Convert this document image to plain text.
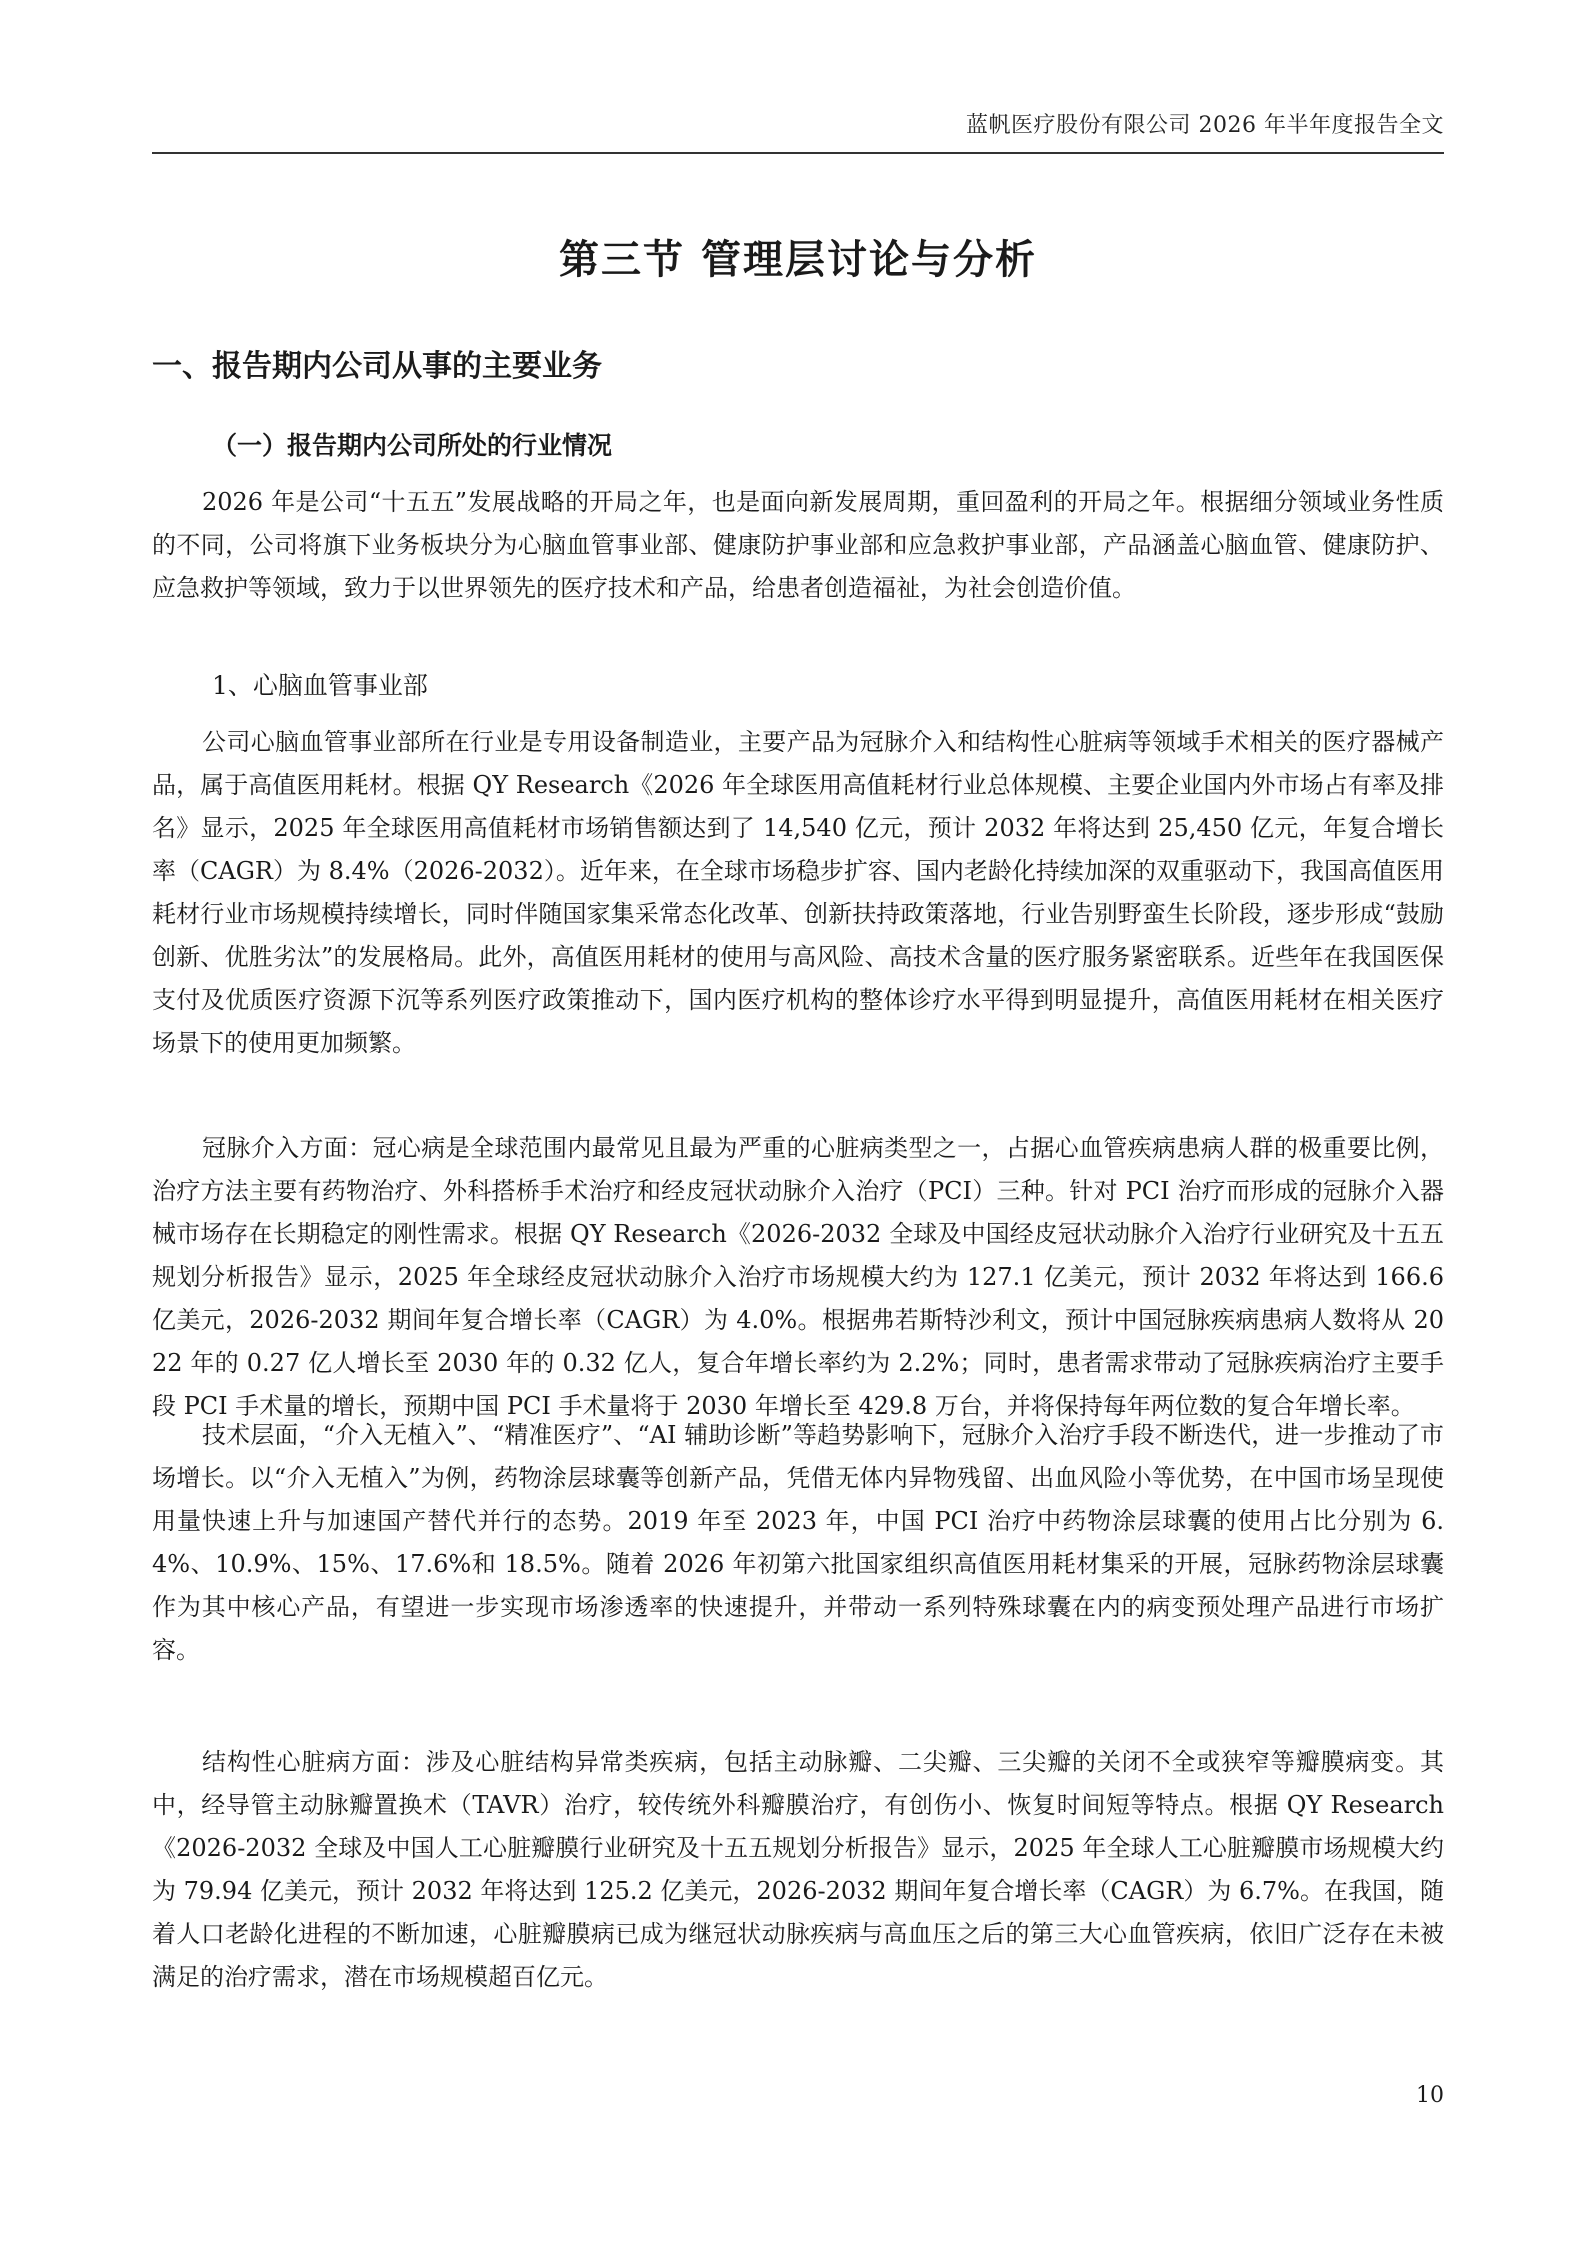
蓝帆医疗股份有限公司 2026 年半年度报告全文
第三节 管理层讨论与分析
一、报告期内公司从事的主要业务
（一）报告期内公司所处的行业情况

2026 年是公司“十五五”发展战略的开局之年，也是面向新发展周期，重回盈利的开局之年。根据细分领域业务性质的不同，公司将旗下业务板块分为心脑血管事业部、健康防护事业部和应急救护事业部，产品涵盖心脑血管、健康防护、应急救护等领域，致力于以世界领先的医疗技术和产品，给患者创造福祉，为社会创造价值。

1、心脑血管事业部

公司心脑血管事业部所在行业是专用设备制造业，主要产品为冠脉介入和结构性心脏病等领域手术相关的医疗器械产品，属于高值医用耗材。根据 QY Research《2026 年全球医用高值耗材行业总体规模、主要企业国内外市场占有率及排名》显示，2025 年全球医用高值耗材市场销售额达到了 14,540 亿元，预计 2032 年将达到 25,450 亿元，年复合增长率（CAGR）为 8.4%（2026-2032）。近年来，在全球市场稳步扩容、国内老龄化持续加深的双重驱动下，我国高值医用耗材行业市场规模持续增长，同时伴随国家集采常态化改革、创新扶持政策落地，行业告别野蛮生长阶段，逐步形成“鼓励创新、优胜劣汰”的发展格局。此外，高值医用耗材的使用与高风险、高技术含量的医疗服务紧密联系。近些年在我国医保支付及优质医疗资源下沉等系列医疗政策推动下，国内医疗机构的整体诊疗水平得到明显提升，高值医用耗材在相关医疗场景下的使用更加频繁。

冠脉介入方面：冠心病是全球范围内最常见且最为严重的心脏病类型之一，占据心血管疾病患病人群的极重要比例，治疗方法主要有药物治疗、外科搭桥手术治疗和经皮冠状动脉介入治疗（PCI）三种。针对 PCI 治疗而形成的冠脉介入器械市场存在长期稳定的刚性需求。根据 QY Research《2026-2032 全球及中国经皮冠状动脉介入治疗行业研究及十五五规划分析报告》显示，2025 年全球经皮冠状动脉介入治疗市场规模大约为 127.1 亿美元，预计 2032 年将达到 166.6 亿美元，2026-2032 期间年复合增长率（CAGR）为 4.0%。根据弗若斯特沙利文，预计中国冠脉疾病患病人数将从 2022 年的 0.27 亿人增长至 2030 年的 0.32 亿人，复合年增长率约为 2.2%；同时，患者需求带动了冠脉疾病治疗主要手段 PCI 手术量的增长，预期中国 PCI 手术量将于 2030 年增长至 429.8 万台，并将保持每年两位数的复合年增长率。

技术层面，“介入无植入”、“精准医疗”、“AI 辅助诊断”等趋势影响下，冠脉介入治疗手段不断迭代，进一步推动了市场增长。以“介入无植入”为例，药物涂层球囊等创新产品，凭借无体内异物残留、出血风险小等优势，在中国市场呈现使用量快速上升与加速国产替代并行的态势。2019 年至 2023 年，中国 PCI 治疗中药物涂层球囊的使用占比分别为 6.4%、10.9%、15%、17.6%和 18.5%。随着 2026 年初第六批国家组织高值医用耗材集采的开展，冠脉药物涂层球囊作为其中核心产品，有望进一步实现市场渗透率的快速提升，并带动一系列特殊球囊在内的病变预处理产品进行市场扩容。

结构性心脏病方面：涉及心脏结构异常类疾病，包括主动脉瓣、二尖瓣、三尖瓣的关闭不全或狭窄等瓣膜病变。其中，经导管主动脉瓣置换术（TAVR）治疗，较传统外科瓣膜治疗，有创伤小、恢复时间短等特点。根据 QY Research《2026-2032 全球及中国人工心脏瓣膜行业研究及十五五规划分析报告》显示，2025 年全球人工心脏瓣膜市场规模大约为 79.94 亿美元，预计 2032 年将达到 125.2 亿美元，2026-2032 期间年复合增长率（CAGR）为 6.7%。在我国，随着人口老龄化进程的不断加速，心脏瓣膜病已成为继冠状动脉疾病与高血压之后的第三大心血管疾病，依旧广泛存在未被满足的治疗需求，潜在市场规模超百亿元。

10
